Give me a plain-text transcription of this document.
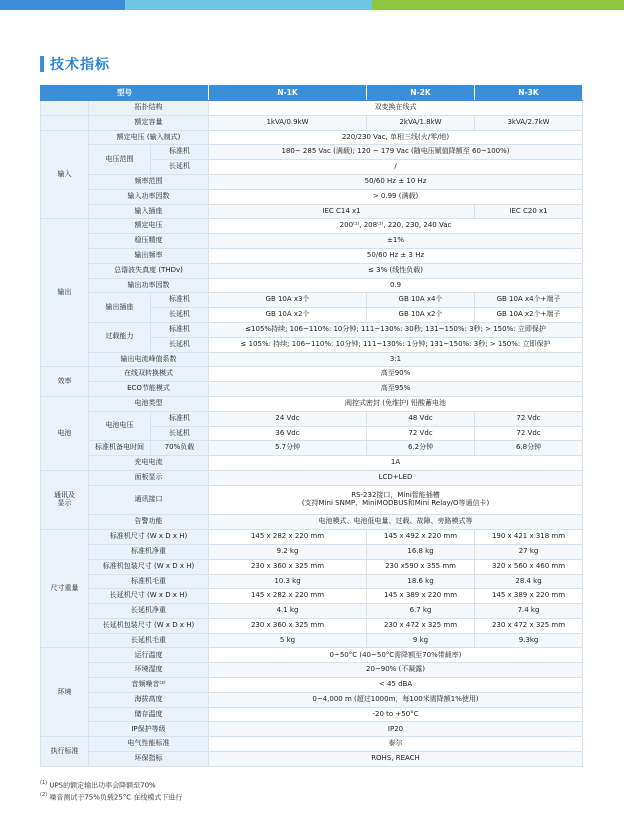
技术指标
型号			N-1K	N-2K	N-3K
	拓扑结构		双变换在线式		
	额定容量		1kVA/0.9kW	2kVA/1.8kW	3kVA/2.7kW
输入	额定电压 (输入制式)		220/230 Vac, 单相三线(火/零/地)		
	电压范围	标准机	180~ 285 Vac (满载); 120 ~ 179 Vac (随电压赋值降额至 60~100%)		
		长延机	/		
	频率范围		50/60 Hz ± 10 Hz		
	输入功率因数		> 0.99 (满载)		
	输入插座		IEC C14 x1		IEC C20 x1
输出	额定电压		200⁽¹⁾, 208⁽¹⁾, 220, 230, 240 Vac		
	稳压精度		±1%		
	输出频率		50/60 Hz ± 3 Hz		
	总谐波失真度 (THDv)		≤ 3% (线性负载)		
	输出功率因数		0.9		
	输出插座	标准机	GB 10A x3个	GB 10A x4个	GB 10A x4个+端子
		长延机	GB 10A x2个	GB 10A x2个	GB 10A x2个+端子
	过载能力	标准机	≤105%持续; 106~110%: 10分钟; 111~130%: 30秒; 131~150%: 3秒; > 150%: 立即保护		
		长延机	≤ 105%: 持续; 106~110%: 10分钟; 111~130%: 1分钟; 131~150%: 3秒; > 150%: 立即保护		
	输出电流峰值系数		3:1		
效率	在线双转换模式		高至90%		
	ECO节能模式		高至95%		
电池	电池类型		阀控式密封 (免维护) 铅酸蓄电池		
	电池电压	标准机	24 Vdc	48 Vdc	72 Vdc
		长延机	36 Vdc	72 Vdc	72 Vdc
	标准机备电时间	70%负载	5.7分钟	6.2分钟	6.8分钟
	充电电流		1A		
通讯及
显示	面板显示		LCD+LED		
	通讯接口		RS-232接口，Mini智能插槽
(支持Mini SNMP、MiniMODBUS和Mini Relay/O等通信卡)		
	告警功能		电池模式、电池低电量、过载、故障、旁路模式等		
尺寸重量	标准机尺寸 (W x D x H)		145 x 282 x 220 mm	145 x 492 x 220 mm	190 x 421 x 318 mm
	标准机净重		9.2 kg	16.8 kg	27 kg
	标准机包装尺寸 (W x D x H)		230 x 360 x 325 mm	230 x590 x 355 mm	320 x 560 x 460 mm
	标准机毛重		10.3 kg	18.6 kg	28.4 kg
	长延机尺寸 (W x D x H)		145 x 282 x 220 mm	145 x 389 x 220 mm	145 x 389 x 220 mm
	长延机净重		4.1 kg	6.7 kg	7.4 kg
	长延机包装尺寸 (W x D x H)		230 x 360 x 325 mm	230 x 472 x 325 mm	230 x 472 x 325 mm
	长延机毛重		5 kg	9 kg	9.3kg
环境	运行温度		0~50°C (40~50°C需降额至70%带载率)		
	环境湿度		20~90% (不凝露)		
	音频噪音⁽²⁾		< 45 dBA		
	海拔高度		0~4,000 m (超过1000m，每100米需降额1%使用)		
	储存温度		-20 to +50°C		
	IP保护等级		IP20		
执行标准	电气性能标准		泰尔		
	环保指标		ROHS, REACH		
$^{(1)}$ UPS的额定输出功率会降额至70%
$^{(2)}$ 噪音测试于75%负载25°C 在线模式下进行
